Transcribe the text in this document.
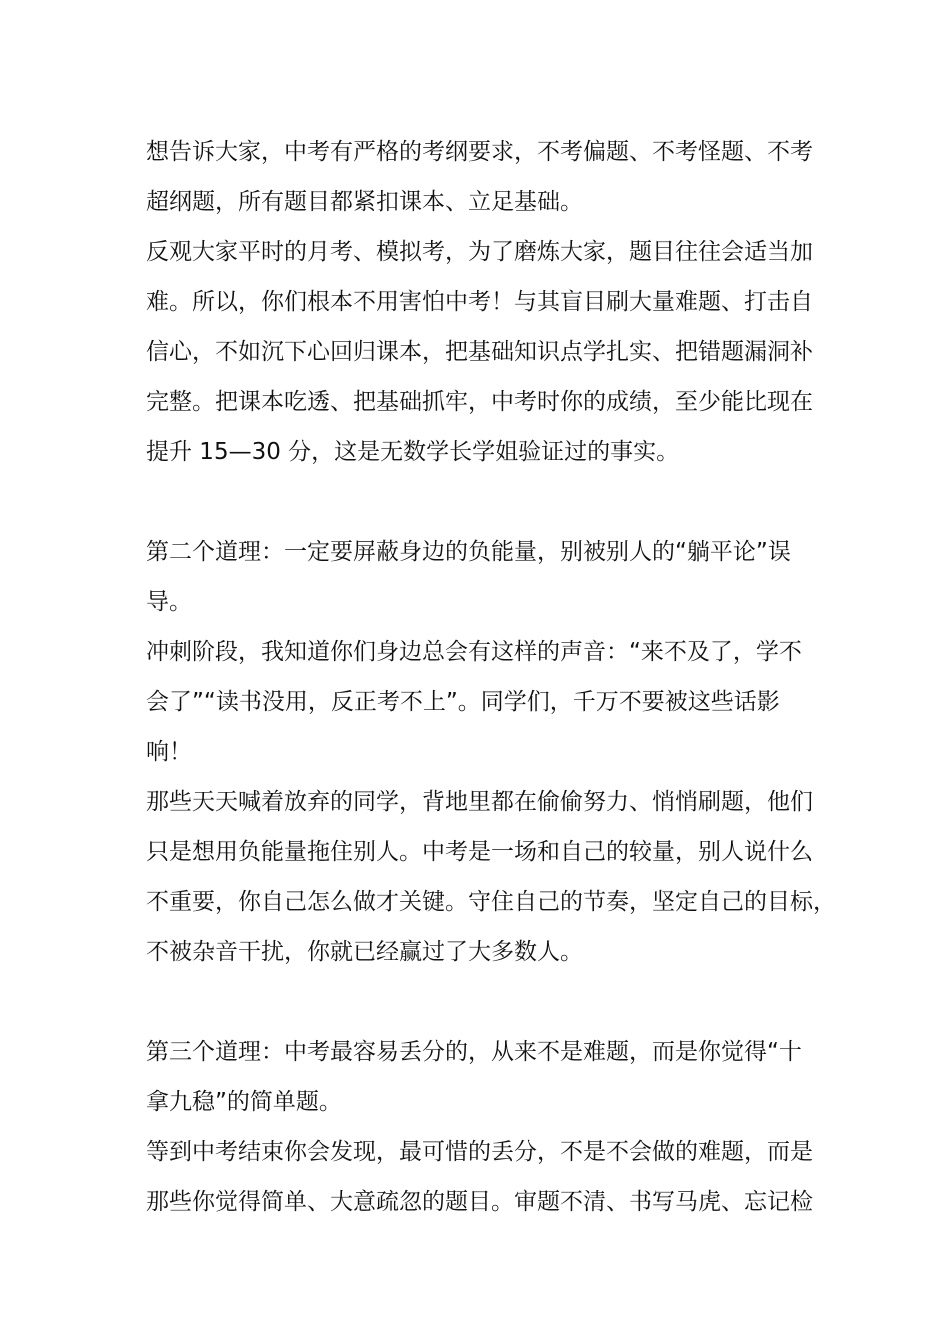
想告诉大家，中考有严格的考纲要求，不考偏题、不考怪题、不考
超纲题，所有题目都紧扣课本、立足基础。
反观大家平时的月考、模拟考，为了磨炼大家，题目往往会适当加
难。所以，你们根本不用害怕中考！与其盲目刷大量难题、打击自
信心，不如沉下心回归课本，把基础知识点学扎实、把错题漏洞补
完整。把课本吃透、把基础抓牢，中考时你的成绩，至少能比现在
提升 15—30 分，这是无数学长学姐验证过的事实。
第二个道理：一定要屏蔽身边的负能量，别被别人的“躺平论”误
导。
冲刺阶段，我知道你们身边总会有这样的声音：“来不及了，学不
会了”“读书没用，反正考不上”。同学们，千万不要被这些话影
响！
那些天天喊着放弃的同学，背地里都在偷偷努力、悄悄刷题，他们
只是想用负能量拖住别人。中考是一场和自己的较量，别人说什么
不重要，你自己怎么做才关键。守住自己的节奏，坚定自己的目标，
不被杂音干扰，你就已经赢过了大多数人。
第三个道理：中考最容易丢分的，从来不是难题，而是你觉得“十
拿九稳”的简单题。
等到中考结束你会发现，最可惜的丢分，不是不会做的难题，而是
那些你觉得简单、大意疏忽的题目。审题不清、书写马虎、忘记检
